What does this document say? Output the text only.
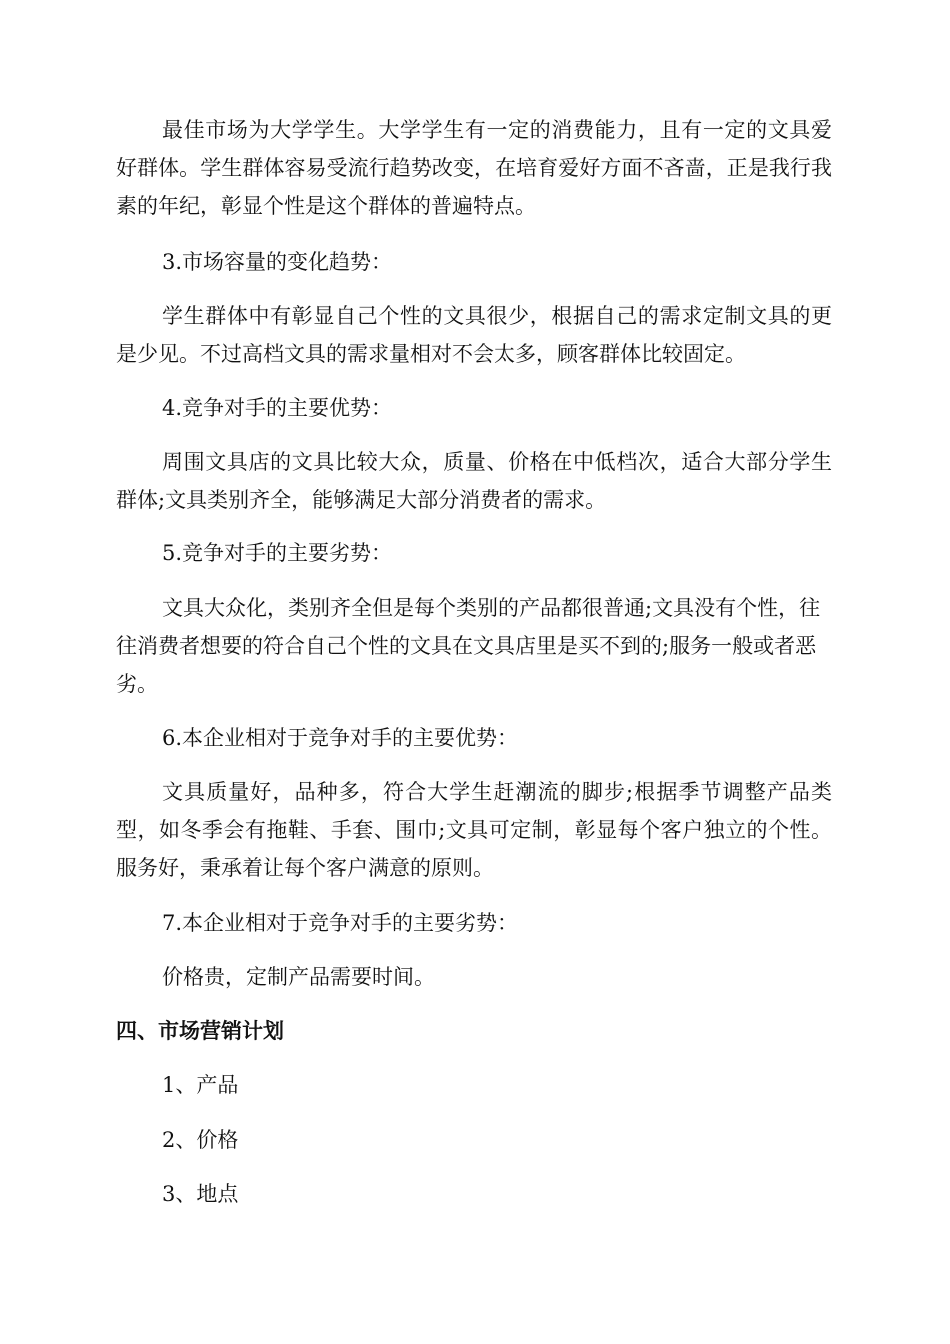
最佳市场为大学学生。大学学生有一定的消费能力，且有一定的文具爱好群体。学生群体容易受流行趋势改变，在培育爱好方面不吝啬，正是我行我素的年纪，彰显个性是这个群体的普遍特点。

3.市场容量的变化趋势：

学生群体中有彰显自己个性的文具很少，根据自己的需求定制文具的更是少见。不过高档文具的需求量相对不会太多，顾客群体比较固定。

4.竞争对手的主要优势：

周围文具店的文具比较大众，质量、价格在中低档次，适合大部分学生群体;文具类别齐全，能够满足大部分消费者的需求。

5.竞争对手的主要劣势：

文具大众化，类别齐全但是每个类别的产品都很普通;文具没有个性，往往消费者想要的符合自己个性的文具在文具店里是买不到的;服务一般或者恶劣。

6.本企业相对于竞争对手的主要优势：

文具质量好，品种多，符合大学生赶潮流的脚步;根据季节调整产品类型，如冬季会有拖鞋、手套、围巾;文具可定制，彰显每个客户独立的个性。服务好，秉承着让每个客户满意的原则。

7.本企业相对于竞争对手的主要劣势：

价格贵，定制产品需要时间。

四、市场营销计划

1、产品

2、价格

3、地点
